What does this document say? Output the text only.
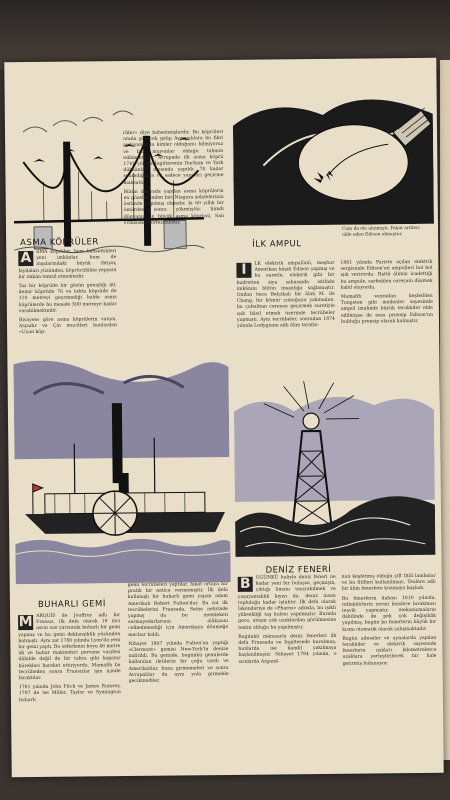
ASMA KÖPRÜLER
A	SMA köprüler, hem bahsettikleri yeni imkânlar, hem de inşalarındaki büyük ihtiyaç faydaları yüzünden, köprücülükte yepyeni bir imkân temsil etmektedir.

Tas bir köprüde bir gözün genişliği 40, demir köprüde 76 ve tahta köprüde de 110 metreyi geçemediği halde asma köprülerde bu mesafe 500 metreye kadar varabilmektedir.

Rivayete göre asma köprülerin vatanı, Asyadır ve Çin mucitleri bunlardan «Uçan köp-

rüler» diye bahsetmişlerdir. Bu köprüleri orada görecek gelip Avrupalılara bu fikri aşılayanlarda kimler olduğunu bilmiyoruz ve bu, muyonlar olduğu tahmin edilmektedir. Avrupada ilk asma köprü 1741 yılında İngilterenin Durham ve York dükkânları arasında yapıldı. 70 kadar sonradığında ve sadece yayaları geçirme maksatlı.

Bütün dünyada yapılan asma köprülerin en güzellerinden biri Niagara şelalelerinin üstünde yapılmış olanıdır, ki 60 yıllık bir ömürden sonra çökmüştür. Şimdi dünyanın en büyük asma köprüsü, San Fransisko körfezindedir.

İLK AMPUL
Cam da ele alınmıştı. Fakat aritleri olde eden Edison olmuştur.
İ	LK elektrik ampulünü, meşhur Amerikan kâşifi Edison yapmış ve bu suretle, elektrik gibi bir kudretten ziya sahasında istifade imkânını bütün insanlığa sağlamıştır. Ondan önce Belçikalı bir âlim M. de Chang, bir kömür çubuğunu yakmadan, bu çubuktan cereyan geçirmek suretiyle ışık hâsıl etmek üzerinde tecrübeler yapmıştı. Aynı tecrübeler, sonradan 1874 yılında Lodygiune adlı âlim tarafın-

1881 yılında Pariste açılan elektrik sergisinde Edison'un ampulleri bol bol ışık verirorda. Hattâ âlimin icadettiği bu ampule, sarfedilen cereyanı düşmek kabil oluyordu.

Mamafih sonradan keşfedilen Tungsten gibi madenler sayesinde ampul imalinde büyük terakkiler elde edilmişse de esas prensip Edison'un bulduğu prensip olarak kalmıştır.

BUHARLI GEMİ
M ARQUİS de Jouffroy adlı bir Fransız, ilk defa olarak 18 inci asrın son yarısında buharlı bir gemi yapmış ve bu gemi deklanşiklik yüzünden batmıştı. Aynı zat 1780 yılında Lyon'da yeni bir gemi yaptı. Bu seferkinin boyu 46 metre idi ve buhar makineleri pervane vazifesi dâhilde değil de bir tahra gibi kapanır kürekleri hareket ettiriyordu. Mamafih bu tecrübeden sonra Fransızlar işin içinde bıraktılar.

1781 yılında John Fitch ve James Rumsey, 1787 de ise Miller, Taylor ve Symington buharlı

gemi tecrübeleri yaptılar, fakat ortaya bir pratik bir netice vermemiştir. İlk defa kullanışlı bir buharlı gemi yapan adam Amerikalı Robert Fulton'dur. Bu zat ilk tecrübelerini Fransada, Seine nehrinde yapmış da bu memleketi sermayedarlarının alâkasını celbedemediği için Amerikaya dönmeğe mecbur kaldı.

Nihayet 1807 yılında Fulton'un yaptığı «Clermont» gemisi New-York'ta denize indirildi. Bu gemide, bugünkü gemilerde kullanılan iletilerin bir çoğu vardı ve Amerikalılar, buna girmemeleri ve sonra Avrupalılar da aynı yola girmekle gecikmediler.

DENİZ FENERİ
B	UGÜNKÜ haliyle deniz feneri ne kadar yeni bir buluşsa, geçmişin, çıktığı limanı tanıyabilmek ve yaşayamaklık kıyıyı da, deniz insan topluluğu kadar iştahtır. İlk defa olarak İskenderiye de «Pharos» adında, bu ışıklı yüksekliği taş kulesi yapılmıştır. Burada gece, ateşin çok uzaklardan görülmesine temin olduğu bu yapılmıştır.

Bugünkü mânasıyla deniz fenerleri ilk defa Fransada ve İngilterede kurulmuş, bunlarda ise kandil yakılmaya başlanılmıştır. Nihayet 1784 yılında, o sıralarda Argand-

nun keşfetmiş olduğu çift fitili lambalar ve bu fitilleri kullanılmayı, Teulère adlı bir âlim fenerlere konmaya başladı.

Bu fenerlerin dahası 1810 yılında, reflektörlerin yerini lenslere bırakması teşvik yapmıştır, mekanizmaların dahilinde de pek çok değişiklik yapılmış, bugün bu fenerlerin büyük bir kısmı otomatik olarak çalışmaktadır.

Bugün adeseler ve aynalarda yapılan terakkiler ve elektrik sayesinde fenerlerin ışıkları kilometrelerce uzaklara yerleştirilecek bir hale getirmiş bulunuyor.
